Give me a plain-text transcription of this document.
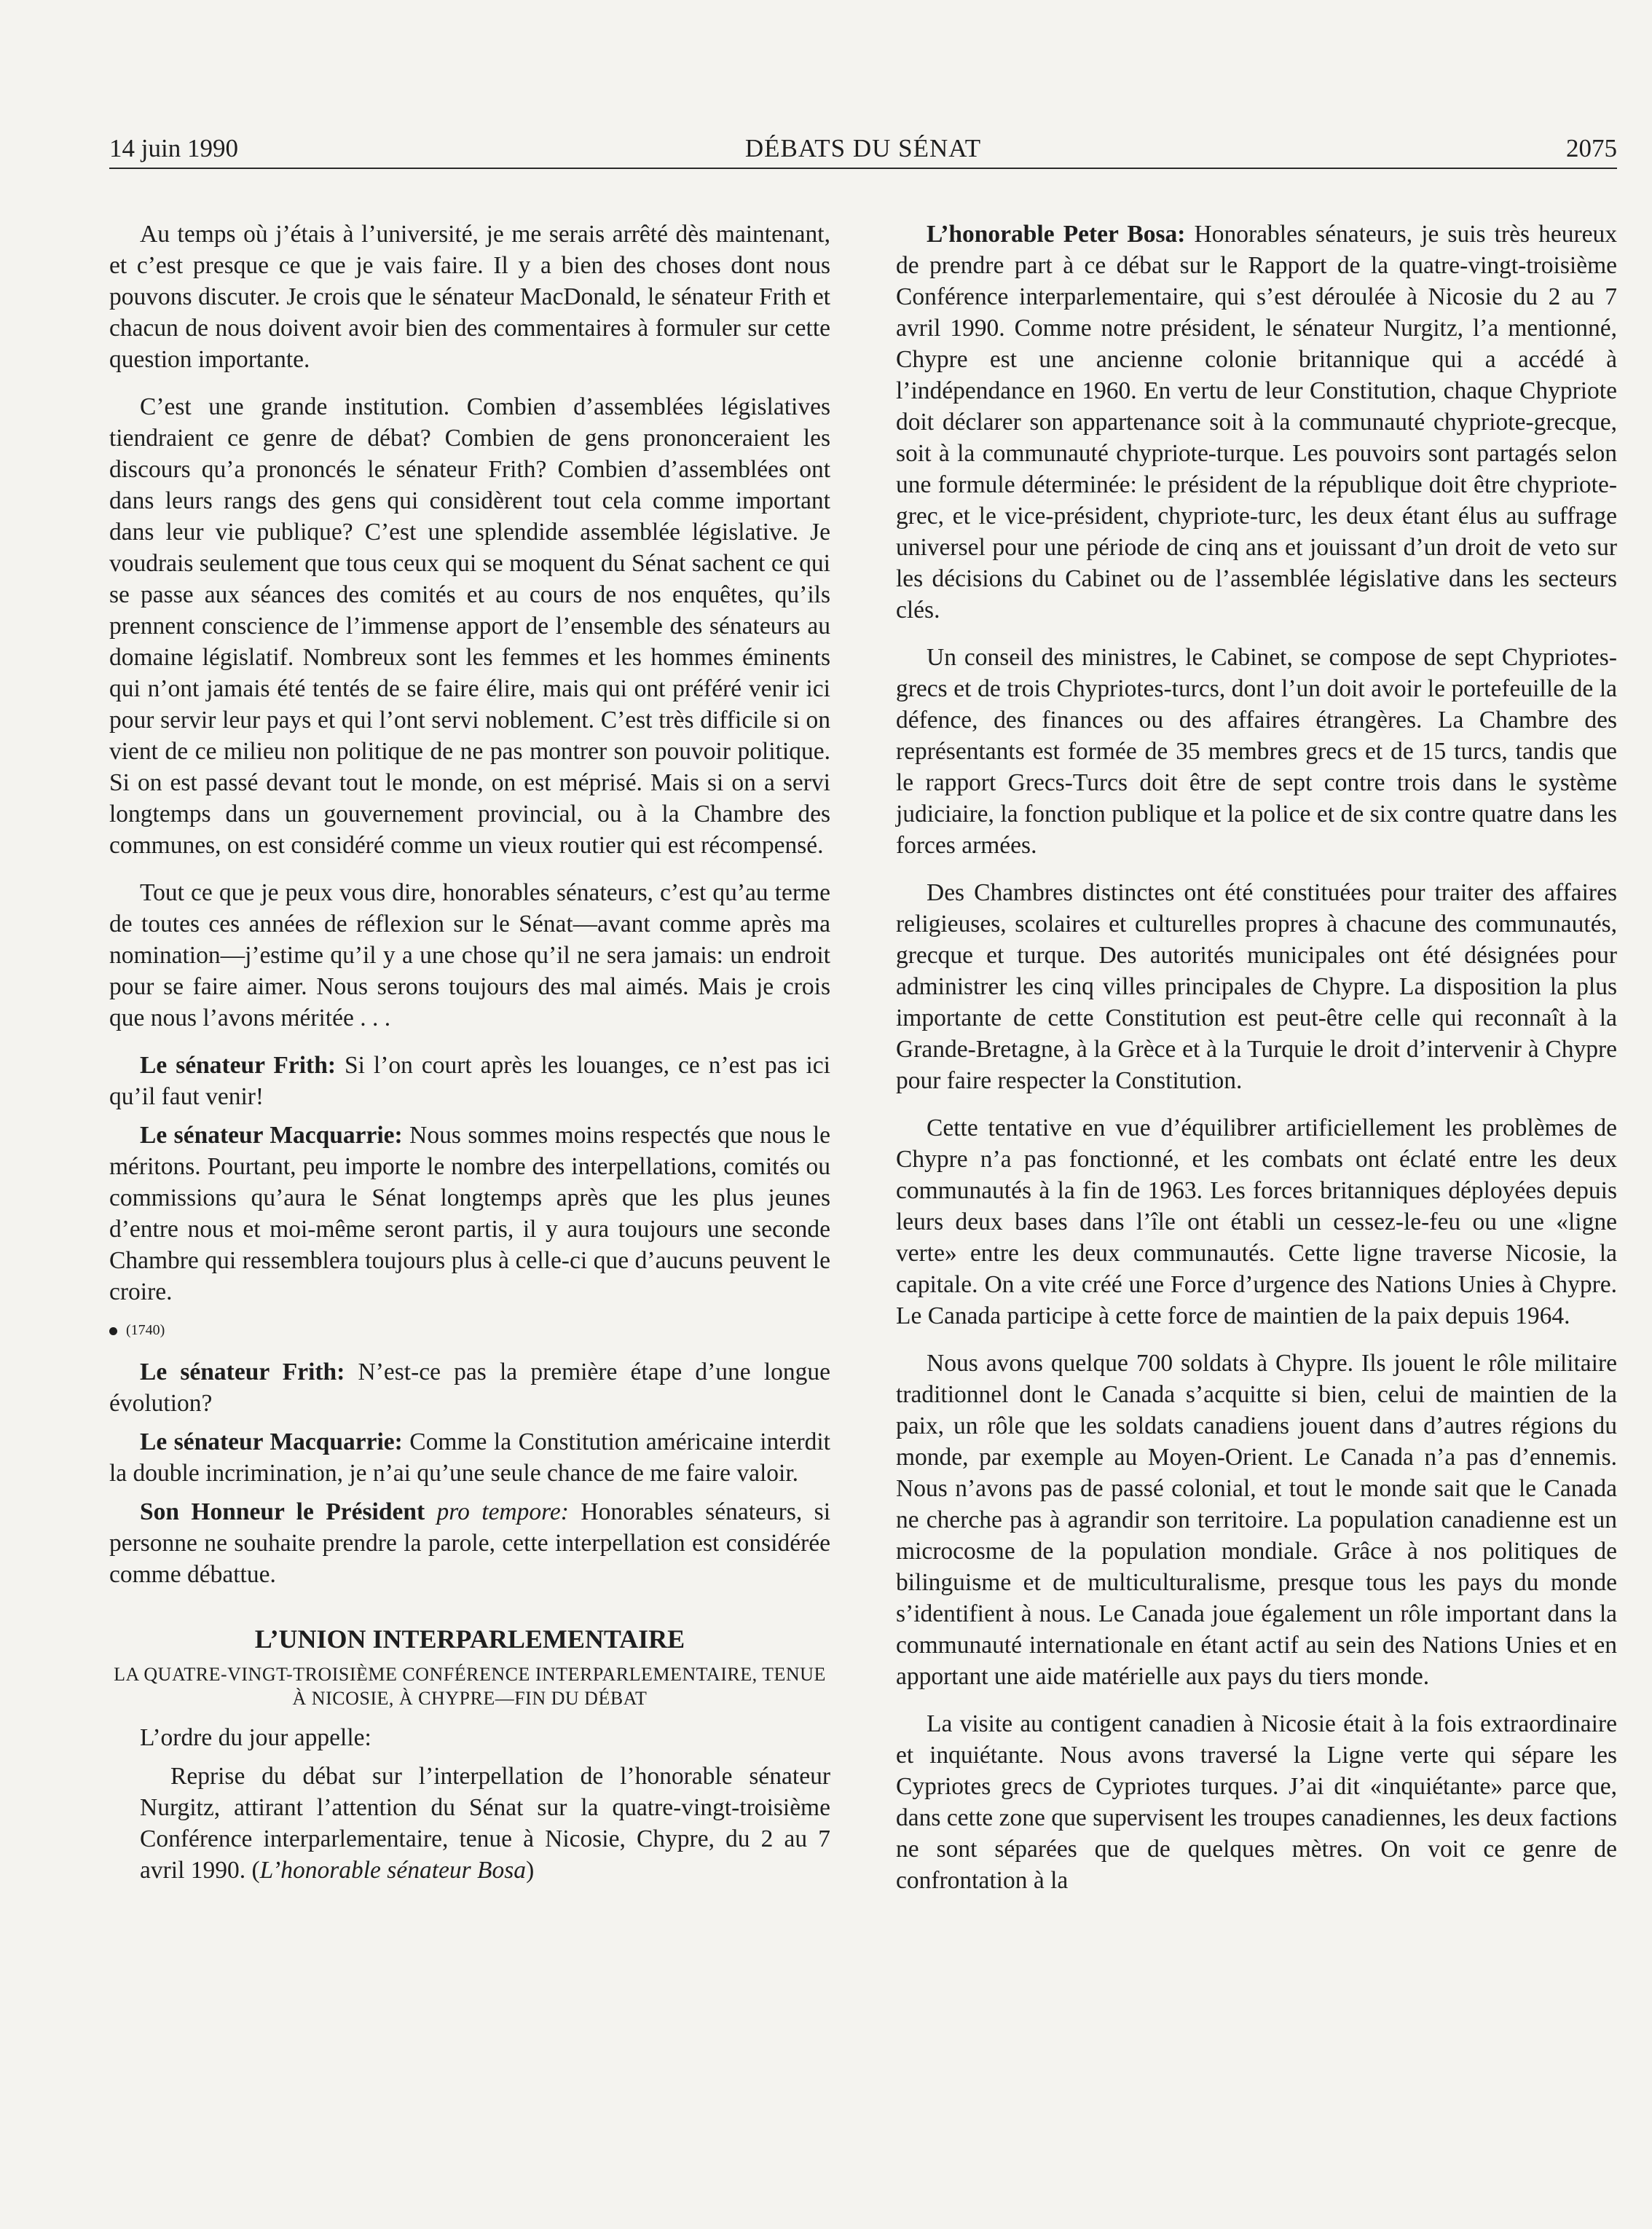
14 juin 1990	DÉBATS DU SÉNAT	2075

Au temps où j’étais à l’université, je me serais arrêté dès maintenant, et c’est presque ce que je vais faire. Il y a bien des choses dont nous pouvons discuter. Je crois que le sénateur MacDonald, le sénateur Frith et chacun de nous doivent avoir bien des commentaires à formuler sur cette question importante.

C’est une grande institution. Combien d’assemblées législatives tiendraient ce genre de débat? Combien de gens prononceraient les discours qu’a prononcés le sénateur Frith? Combien d’assemblées ont dans leurs rangs des gens qui considèrent tout cela comme important dans leur vie publique? C’est une splendide assemblée législative. Je voudrais seulement que tous ceux qui se moquent du Sénat sachent ce qui se passe aux séances des comités et au cours de nos enquêtes, qu’ils prennent conscience de l’immense apport de l’ensemble des sénateurs au domaine législatif. Nombreux sont les femmes et les hommes éminents qui n’ont jamais été tentés de se faire élire, mais qui ont préféré venir ici pour servir leur pays et qui l’ont servi noblement. C’est très difficile si on vient de ce milieu non politique de ne pas montrer son pouvoir politique. Si on est passé devant tout le monde, on est méprisé. Mais si on a servi longtemps dans un gouvernement provincial, ou à la Chambre des communes, on est considéré comme un vieux routier qui est récompensé.

Tout ce que je peux vous dire, honorables sénateurs, c’est qu’au terme de toutes ces années de réflexion sur le Sénat—avant comme après ma nomination—j’estime qu’il y a une chose qu’il ne sera jamais: un endroit pour se faire aimer. Nous serons toujours des mal aimés. Mais je crois que nous l’avons méritée . . .

Le sénateur Frith: Si l’on court après les louanges, ce n’est pas ici qu’il faut venir!

Le sénateur Macquarrie: Nous sommes moins respectés que nous le méritons. Pourtant, peu importe le nombre des interpellations, comités ou commissions qu’aura le Sénat longtemps après que les plus jeunes d’entre nous et moi-même seront partis, il y aura toujours une seconde Chambre qui ressemblera toujours plus à celle-ci que d’aucuns peuvent le croire.

(1740)

Le sénateur Frith: N’est-ce pas la première étape d’une longue évolution?

Le sénateur Macquarrie: Comme la Constitution américaine interdit la double incrimination, je n’ai qu’une seule chance de me faire valoir.

Son Honneur le Président pro tempore: Honorables sénateurs, si personne ne souhaite prendre la parole, cette interpellation est considérée comme débattue.

L’UNION INTERPARLEMENTAIRE
LA QUATRE-VINGT-TROISIÈME CONFÉRENCE INTERPARLEMENTAIRE, TENUE À NICOSIE, À CHYPRE—FIN DU DÉBAT

L’ordre du jour appelle:

Reprise du débat sur l’interpellation de l’honorable sénateur Nurgitz, attirant l’attention du Sénat sur la quatre-vingt-troisième Conférence interparlementaire, tenue à Nicosie, Chypre, du 2 au 7 avril 1990. (L’honorable sénateur Bosa)

L’honorable Peter Bosa: Honorables sénateurs, je suis très heureux de prendre part à ce débat sur le Rapport de la quatre-vingt-troisième Conférence interparlementaire, qui s’est déroulée à Nicosie du 2 au 7 avril 1990. Comme notre président, le sénateur Nurgitz, l’a mentionné, Chypre est une ancienne colonie britannique qui a accédé à l’indépendance en 1960. En vertu de leur Constitution, chaque Chypriote doit déclarer son appartenance soit à la communauté chypriote-grecque, soit à la communauté chypriote-turque. Les pouvoirs sont partagés selon une formule déterminée: le président de la république doit être chypriote-grec, et le vice-président, chypriote-turc, les deux étant élus au suffrage universel pour une période de cinq ans et jouissant d’un droit de veto sur les décisions du Cabinet ou de l’assemblée législative dans les secteurs clés.

Un conseil des ministres, le Cabinet, se compose de sept Chypriotes-grecs et de trois Chypriotes-turcs, dont l’un doit avoir le portefeuille de la défence, des finances ou des affaires étrangères. La Chambre des représentants est formée de 35 membres grecs et de 15 turcs, tandis que le rapport Grecs-Turcs doit être de sept contre trois dans le système judiciaire, la fonction publique et la police et de six contre quatre dans les forces armées.

Des Chambres distinctes ont été constituées pour traiter des affaires religieuses, scolaires et culturelles propres à chacune des communautés, grecque et turque. Des autorités municipales ont été désignées pour administrer les cinq villes principales de Chypre. La disposition la plus importante de cette Constitution est peut-être celle qui reconnaît à la Grande-Bretagne, à la Grèce et à la Turquie le droit d’intervenir à Chypre pour faire respecter la Constitution.

Cette tentative en vue d’équilibrer artificiellement les problèmes de Chypre n’a pas fonctionné, et les combats ont éclaté entre les deux communautés à la fin de 1963. Les forces britanniques déployées depuis leurs deux bases dans l’île ont établi un cessez-le-feu ou une «ligne verte» entre les deux communautés. Cette ligne traverse Nicosie, la capitale. On a vite créé une Force d’urgence des Nations Unies à Chypre. Le Canada participe à cette force de maintien de la paix depuis 1964.

Nous avons quelque 700 soldats à Chypre. Ils jouent le rôle militaire traditionnel dont le Canada s’acquitte si bien, celui de maintien de la paix, un rôle que les soldats canadiens jouent dans d’autres régions du monde, par exemple au Moyen-Orient. Le Canada n’a pas d’ennemis. Nous n’avons pas de passé colonial, et tout le monde sait que le Canada ne cherche pas à agrandir son territoire. La population canadienne est un microcosme de la population mondiale. Grâce à nos politiques de bilinguisme et de multiculturalisme, presque tous les pays du monde s’identifient à nous. Le Canada joue également un rôle important dans la communauté internationale en étant actif au sein des Nations Unies et en apportant une aide matérielle aux pays du tiers monde.

La visite au contigent canadien à Nicosie était à la fois extraordinaire et inquiétante. Nous avons traversé la Ligne verte qui sépare les Cypriotes grecs de Cypriotes turques. J’ai dit «inquiétante» parce que, dans cette zone que supervisent les troupes canadiennes, les deux factions ne sont séparées que de quelques mètres. On voit ce genre de confrontation à la
